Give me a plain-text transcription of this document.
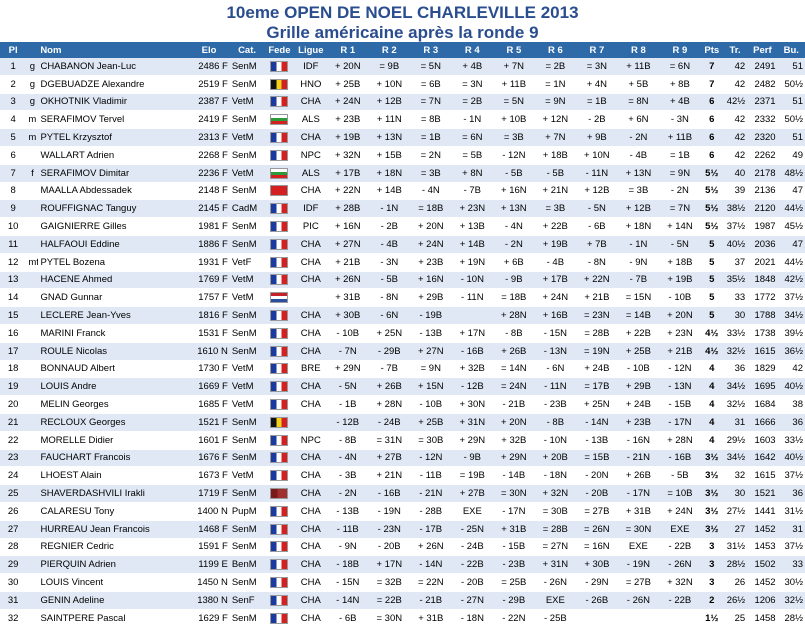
10eme OPEN DE NOEL CHARLEVILLE 2013
Grille américaine après la ronde 9
Pl	Nom		Elo	Cat.	Fede	Ligue	R 1	R 2	R 3	R 4	R 5	R 6	R 7	R 8	R 9	Pts	Tr.	Perf	Bu.
1	g	CHABANON Jean-Luc	2486 F	SenM		IDF	+ 20N	= 9B	= 5N	+ 4B	+ 7N	= 2B	= 3N	+ 11B	= 6N	7	42	2491	51
2	g	DGEBUADZE Alexandre	2519 F	SenM		HNO	+ 25B	+ 10N	= 6B	= 3N	+ 11B	= 1N	+ 4N	+ 5B	+ 8B	7	42	2482	50½
3	g	OKHOTNIK Vladimir	2387 F	VetM		CHA	+ 24N	+ 12B	= 7N	= 2B	= 5N	= 9N	= 1B	= 8N	+ 4B	6	42½	2371	51
4	m	SERAFIMOV Tervel	2419 F	SenM		ALS	+ 23B	+ 11N	= 8B	- 1N	+ 10B	+ 12N	- 2B	+ 6N	- 3N	6	42	2332	50½
5	m	PYTEL Krzysztof	2313 F	VetM		CHA	+ 19B	+ 13N	= 1B	= 6N	= 3B	+ 7N	+ 9B	- 2N	+ 11B	6	42	2320	51
6		WALLART Adrien	2268 F	SenM		NPC	+ 32N	+ 15B	= 2N	= 5B	- 12N	+ 18B	+ 10N	- 4B	= 1B	6	42	2262	49
7	f	SERAFIMOV Dimitar	2236 F	VetM		ALS	+ 17B	+ 18N	= 3B	+ 8N	- 5B	- 5B	- 11N	+ 13N	= 9N	5½	40	2178	48½
8		MAALLA Abdessadek	2148 F	SenM		CHA	+ 22N	+ 14B	- 4N	- 7B	+ 16N	+ 21N	+ 12B	= 3B	- 2N	5½	39	2136	47
9		ROUFFIGNAC Tanguy	2145 F	CadM		IDF	+ 28B	- 1N	= 18B	+ 23N	+ 13N	= 3B	- 5N	+ 12B	= 7N	5½	38½	2120	44½
10		GAIGNIERRE Gilles	1981 F	SenM		PIC	+ 16N	- 2B	+ 20N	+ 13B	- 4N	+ 22B	- 6B	+ 18N	+ 14N	5½	37½	1987	45½
11		HALFAOUI Eddine	1886 F	SenM		CHA	+ 27N	- 4B	+ 24N	+ 14B	- 2N	+ 19B	+ 7B	- 1N	- 5N	5	40½	2036	47
12	mf	PYTEL Bozena	1931 F	VetF		CHA	+ 21B	- 3N	+ 23B	+ 19N	+ 6B	- 4B	- 8N	- 9N	+ 18B	5	37	2021	44½
13		HACENE Ahmed	1769 F	VetM		CHA	+ 26N	- 5B	+ 16N	- 10N	- 9B	+ 17B	+ 22N	- 7B	+ 19B	5	35½	1848	42½
14		GNAD Gunnar	1757 F	VetM			+ 31B	- 8N	+ 29B	- 11N	= 18B	+ 24N	+ 21B	= 15N	- 10B	5	33	1772	37½
15		LECLERE Jean-Yves	1816 F	SenM		CHA	+ 30B	- 6N	- 19B		+ 28N	+ 16B	= 23N	= 14B	+ 20N	5	30	1788	34½
16		MARINI Franck	1531 F	SenM		CHA	- 10B	+ 25N	- 13B	+ 17N	- 8B	- 15N	= 28B	+ 22B	+ 23N	4½	33½	1738	39½
17		ROULE Nicolas	1610 N	SenM		CHA	- 7N	- 29B	+ 27N	- 16B	+ 26B	- 13N	= 19N	+ 25B	+ 21B	4½	32½	1615	36½
18		BONNAUD Albert	1730 F	VetM		BRE	+ 29N	- 7B	= 9N	+ 32B	= 14N	- 6N	+ 24B	- 10B	- 12N	4	36	1829	42
19		LOUIS Andre	1669 F	VetM		CHA	- 5N	+ 26B	+ 15N	- 12B	= 24N	- 11N	= 17B	+ 29B	- 13N	4	34½	1695	40½
20		MELIN Georges	1685 F	VetM		CHA	- 1B	+ 28N	- 10B	+ 30N	- 21B	- 23B	+ 25N	+ 24B	- 15B	4	32½	1684	38
21		RECLOUX Georges	1521 F	SenM			- 12B	- 24B	+ 25B	+ 31N	+ 20N	- 8B	- 14N	+ 23B	- 17N	4	31	1666	36
22		MORELLE Didier	1601 F	SenM		NPC	- 8B	= 31N	= 30B	+ 29N	+ 32B	- 10N	- 13B	- 16N	+ 28N	4	29½	1603	33½
23		FAUCHART Francois	1676 F	SenM		CHA	- 4N	+ 27B	- 12N	- 9B	+ 29N	+ 20B	= 15B	- 21N	- 16B	3½	34½	1642	40½
24		LHOEST Alain	1673 F	VetM		CHA	- 3B	+ 21N	- 11B	= 19B	- 14B	- 18N	- 20N	+ 26B	- 5B	3½	32	1615	37½
25		SHAVERDASHVILI Irakli	1719 F	SenM		CHA	- 2N	- 16B	- 21N	+ 27B	= 30N	+ 32N	- 20B	- 17N	= 10B	3½	30	1521	36
26		CALARESU Tony	1400 N	PupM		CHA	- 13B	- 19N	- 28B	EXE	- 17N	= 30B	= 27B	+ 31B	+ 24N	3½	27½	1441	31½
27		HURREAU Jean Francois	1468 F	SenM		CHA	- 11B	- 23N	- 17B	- 25N	+ 31B	= 28B	= 26N	= 30N	EXE	3½	27	1452	31
28		REGNIER Cedric	1591 F	SenM		CHA	- 9N	- 20B	+ 26N	- 24B	- 15B	= 27N	= 16N	EXE	- 22B	3	31½	1453	37½
29		PIERQUIN Adrien	1199 E	BenM		CHA	- 18B	+ 17N	- 14N	- 22B	- 23B	+ 31N	+ 30B	- 19N	- 26N	3	28½	1502	33
30		LOUIS Vincent	1450 N	SenM		CHA	- 15N	= 32B	= 22N	- 20B	= 25B	- 26N	- 29N	= 27B	+ 32N	3	26	1452	30½
31		GENIN Adeline	1380 N	SenF		CHA	- 14N	= 22B	- 21B	- 27N	- 29B	EXE	- 26B	- 26N	- 22B	2	26½	1206	32½
32		SAINTPERE Pascal	1629 F	SenM		CHA	- 6B	= 30N	+ 31B	- 18N	- 22N	- 25B				1½	25	1458	28½
